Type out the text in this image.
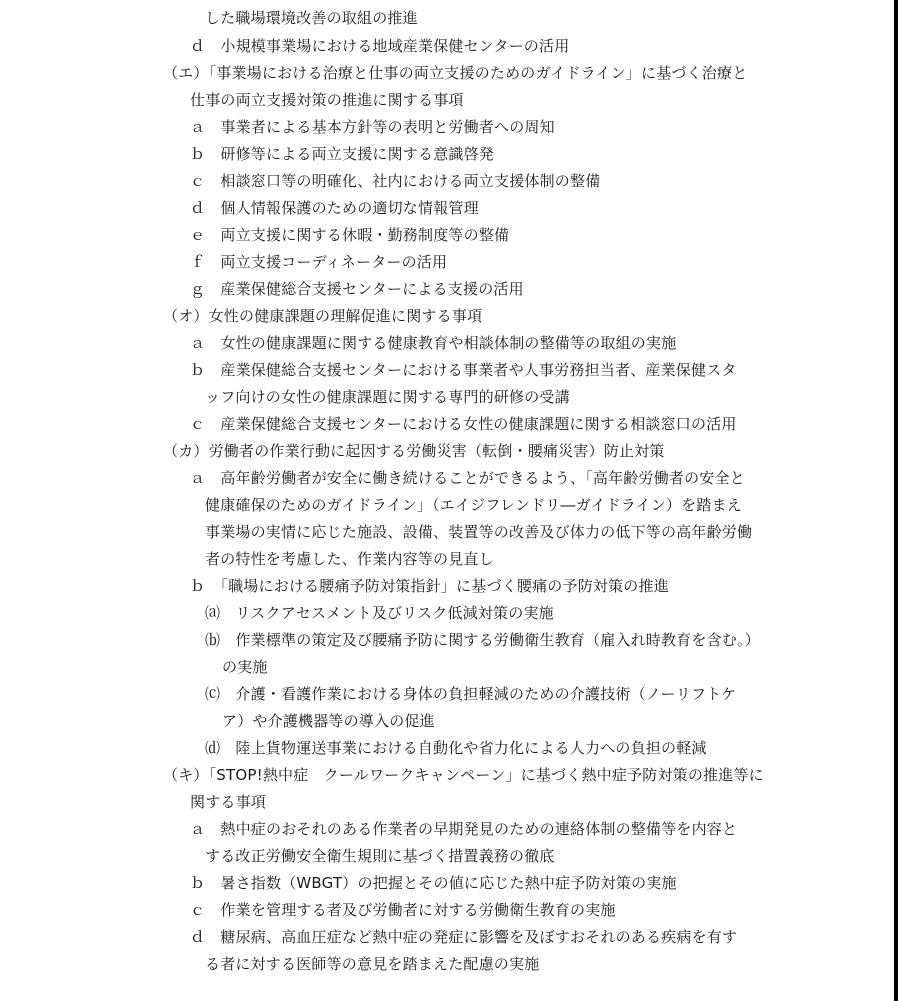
した職場環境改善の取組の推進
ｄ　小規模事業場における地域産業保健センターの活用
（エ）「事業場における治療と仕事の両立支援のためのガイドライン」に基づく治療と
仕事の両立支援対策の推進に関する事項
ａ　事業者による基本方針等の表明と労働者への周知
ｂ　研修等による両立支援に関する意識啓発
ｃ　相談窓口等の明確化、社内における両立支援体制の整備
ｄ　個人情報保護のための適切な情報管理
ｅ　両立支援に関する休暇・勤務制度等の整備
ｆ　両立支援コーディネーターの活用
ｇ　産業保健総合支援センターによる支援の活用
（オ）女性の健康課題の理解促進に関する事項
ａ　女性の健康課題に関する健康教育や相談体制の整備等の取組の実施
ｂ　産業保健総合支援センターにおける事業者や人事労務担当者、産業保健スタ
ッフ向けの女性の健康課題に関する専門的研修の受講
ｃ　産業保健総合支援センターにおける女性の健康課題に関する相談窓口の活用
（カ）労働者の作業行動に起因する労働災害（転倒・腰痛災害）防止対策
ａ　高年齢労働者が安全に働き続けることができるよう、「高年齢労働者の安全と
健康確保のためのガイドライン」（エイジフレンドリ―ガイドライン）を踏まえ
事業場の実情に応じた施設、設備、装置等の改善及び体力の低下等の高年齢労働
者の特性を考慮した、作業内容等の見直し
ｂ　「職場における腰痛予防対策指針」に基づく腰痛の予防対策の推進
⒜　リスクアセスメント及びリスク低減対策の実施
⒝　作業標準の策定及び腰痛予防に関する労働衛生教育（雇入れ時教育を含む。）
の実施
⒞　介護・看護作業における身体の負担軽減のための介護技術（ノーリフトケ
ア）や介護機器等の導入の促進
⒟　陸上貨物運送事業における自動化や省力化による人力への負担の軽減
（キ）「STOP!熱中症　クールワークキャンペーン」に基づく熱中症予防対策の推進等に
関する事項
ａ　熱中症のおそれのある作業者の早期発見のための連絡体制の整備等を内容と
する改正労働安全衛生規則に基づく措置義務の徹底
ｂ　暑さ指数（WBGT）の把握とその値に応じた熱中症予防対策の実施
ｃ　作業を管理する者及び労働者に対する労働衛生教育の実施
ｄ　糖尿病、高血圧症など熱中症の発症に影響を及ぼすおそれのある疾病を有す
る者に対する医師等の意見を踏まえた配慮の実施
